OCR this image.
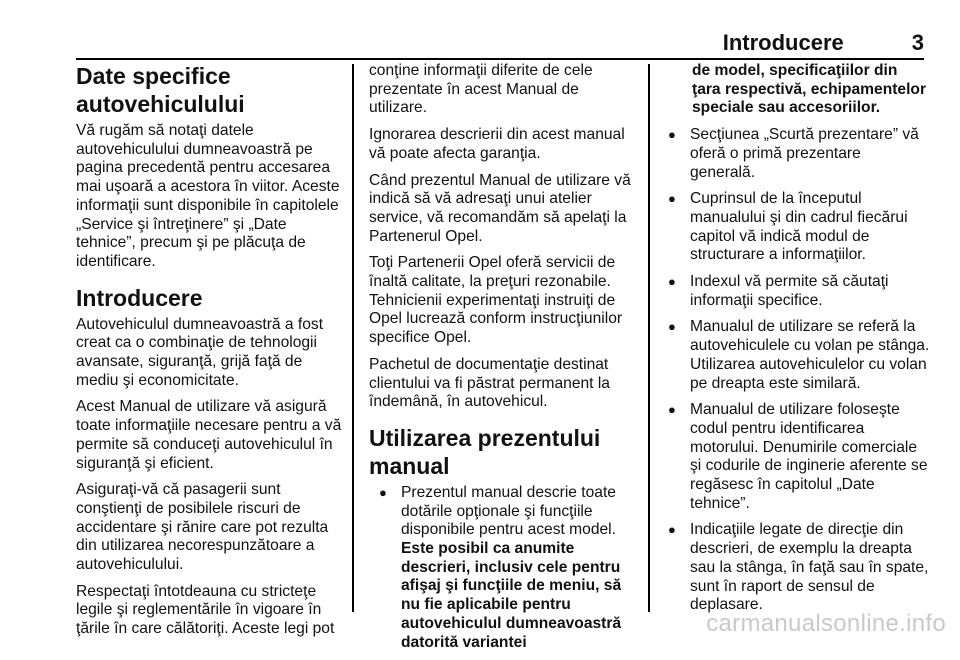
Introducere	3
Date specifice
autovehiculului

Vă rugăm să notaţi datele autovehiculului dumneavoastră pe pagina precedentă pentru accesarea mai uşoară a acestora în viitor. Aceste informaţii sunt disponibile în capitolele „Service şi întreţinere” şi „Date tehnice”, precum şi pe plăcuţa de identificare.

Introducere

Autovehiculul dumneavoastră a fost creat ca o combinaţie de tehnologii avansate, siguranţă, grijă faţă de mediu şi economicitate.

Acest Manual de utilizare vă asigură toate informaţiile necesare pentru a vă permite să conduceţi autovehiculul în siguranţă şi eficient.

Asiguraţi-vă că pasagerii sunt conştienţi de posibilele riscuri de accidentare şi rănire care pot rezulta din utilizarea necorespunzătoare a autovehiculului.

Respectaţi întotdeauna cu stricteţe legile şi reglementările în vigoare în ţările în care călătoriţi. Aceste legi pot

conţine informaţii diferite de cele prezentate în acest Manual de utilizare.

Ignorarea descrierii din acest manual vă poate afecta garanţia.

Când prezentul Manual de utilizare vă indică să vă adresaţi unui atelier service, vă recomandăm să apelaţi la Partenerul Opel.

Toţi Partenerii Opel oferă servicii de înaltă calitate, la preţuri rezonabile. Tehnicienii experimentaţi instruiţi de Opel lucrează conform instrucţiunilor specifice Opel.

Pachetul de documentaţie destinat clientului va fi păstrat permanent la îndemână, în autovehicul.

Utilizarea prezentului
manual
● Prezentul manual descrie toate dotările opţionale şi funcţiile disponibile pentru acest model. Este posibil ca anumite descrieri, inclusiv cele pentru afişaj şi funcţiile de meniu, să nu fie aplicabile pentru autovehiculul dumneavoastră datorită variantei

de model, specificaţiilor din ţara respectivă, echipamentelor speciale sau accesoriilor.

● Secţiunea „Scurtă prezentare” vă oferă o primă prezentare generală.
● Cuprinsul de la începutul manualului şi din cadrul fiecărui capitol vă indică modul de structurare a informaţiilor.
● Indexul vă permite să căutaţi informaţii specifice.
● Manualul de utilizare se referă la autovehiculele cu volan pe stânga. Utilizarea autovehiculelor cu volan pe dreapta este similară.
● Manualul de utilizare foloseşte codul pentru identificarea motorului. Denumirile comerciale şi codurile de inginerie aferente se regăsesc în capitolul „Date tehnice”.
● Indicaţiile legate de direcţie din descrieri, de exemplu la dreapta sau la stânga, în faţă sau în spate, sunt în raport de sensul de deplasare.
carmanualsonline.info
